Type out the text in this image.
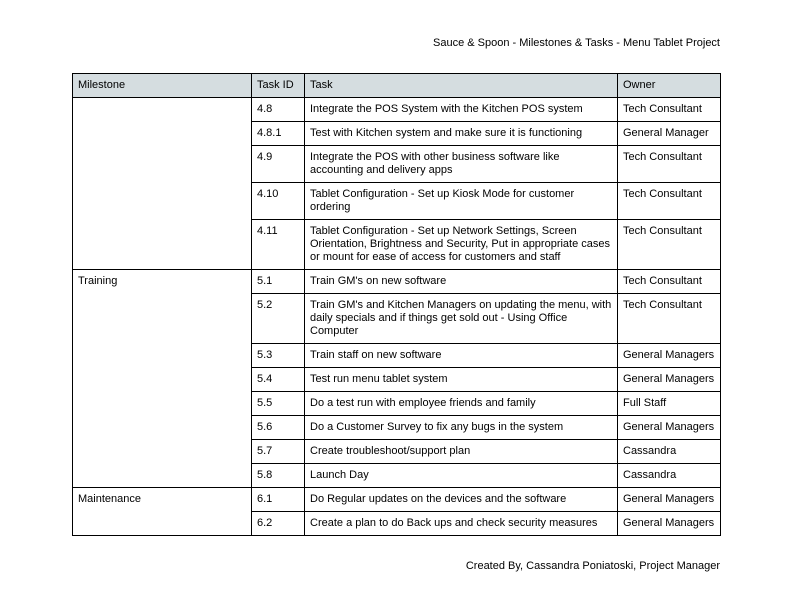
Sauce & Spoon - Milestones & Tasks - Menu Tablet Project
Milestone	Task ID	Task	Owner
	4.8	Integrate the POS System with the Kitchen POS system	Tech Consultant
	4.8.1	Test with Kitchen system and make sure it is functioning	General Manager
	4.9	Integrate the POS with other business software like accounting and delivery apps	Tech Consultant
	4.10	Tablet Configuration - Set up Kiosk Mode for customer ordering	Tech Consultant
	4.11	Tablet Configuration - Set up Network Settings, Screen Orientation, Brightness and Security, Put in appropriate cases or mount for ease of access for customers and staff	Tech Consultant
Training	5.1	Train GM's on new software	Tech Consultant
	5.2	Train GM's and Kitchen Managers on updating the menu, with daily specials and if things get sold out - Using Office Computer	Tech Consultant
	5.3	Train staff on new software	General Managers
	5.4	Test run menu tablet system	General Managers
	5.5	Do a test run with employee friends and family	Full Staff
	5.6	Do a Customer Survey to fix any bugs in the system	General Managers
	5.7	Create troubleshoot/support plan	Cassandra
	5.8	Launch Day	Cassandra
Maintenance	6.1	Do Regular updates on the devices and the software	General Managers
	6.2	Create a plan to do Back ups and check security measures	General Managers
Created By, Cassandra Poniatoski, Project Manager
